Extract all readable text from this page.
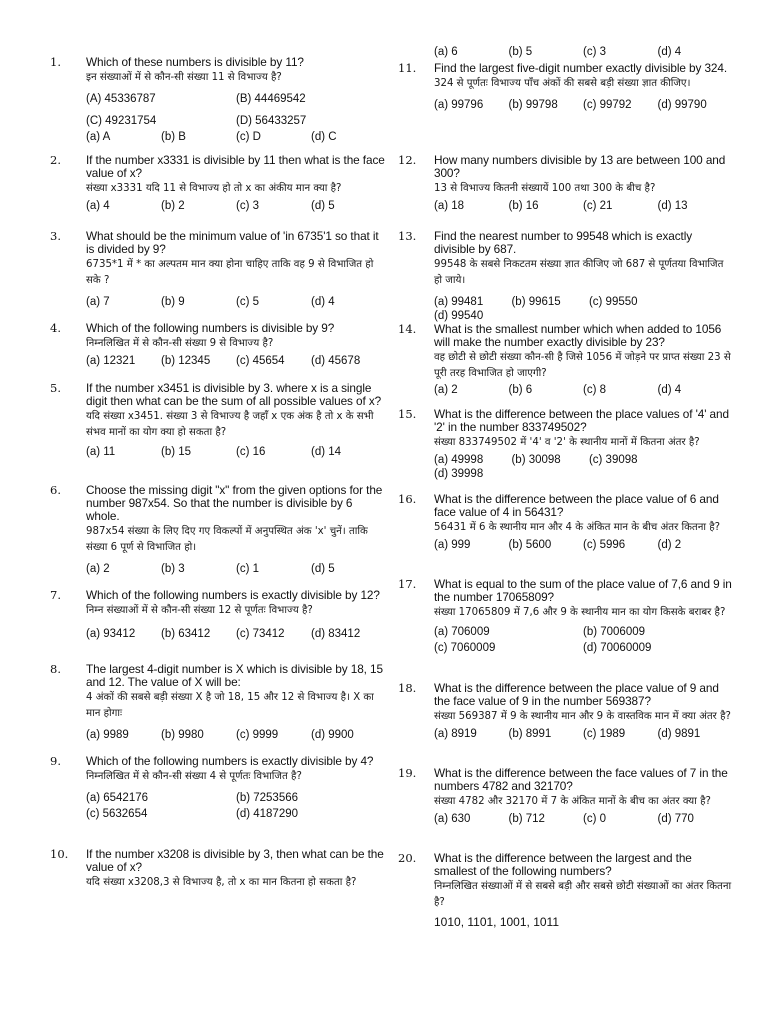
1.	Which of these numbers is divisible by 11?
इन संख्याओं में से कौन-सी संख्या 11 से विभाज्य है?
(A) 45336787	(B) 44469542
(C) 49231754	(D) 56433257
(a) A	(b) B	(c) D	(d) C
2.	If the number x3331 is divisible by 11 then what is the face value of x?
संख्या x3331 यदि 11 से विभाज्य हो तो x का अंकीय मान क्या है?
(a) 4	(b) 2	(c) 3	(d) 5
3.	What should be the minimum value of 'in 6735'1 so that it is divided by 9?
6735*1 में * का अल्पतम मान क्या होना चाहिए ताकि वह 9 से विभाजित हो सके ?
(a) 7	(b) 9	(c) 5	(d) 4
4.	Which of the following numbers is divisible by 9?
निम्नलिखित में से कौन-सी संख्या 9 से विभाज्य है?
(a) 12321	(b) 12345	(c) 45654	(d) 45678
5.	If the number x3451 is divisible by 3. where x is a single digit then what can be the sum of all possible values of x?
यदि संख्या x3451. संख्या 3 से विभाज्य है जहाँ x एक अंक है तो x के सभी संभव मानों का योग क्या हो सकता है?
(a) 11	(b) 15	(c) 16	(d) 14
6.	Choose the missing digit "x" from the given options for the number 987x54. So that the number is divisible by 6 whole.
987x54 संख्या के लिए दिए गए विकल्पों में अनुपस्थित अंक 'x' चुनें। ताकि संख्या 6 पूर्ण से विभाजित हो।
(a) 2	(b) 3	(c) 1	(d) 5
7.	Which of the following numbers is exactly divisible by 12?
निम्न संख्याओं में से कौन-सी संख्या 12 से पूर्णतः विभाज्य है?
(a) 93412	(b) 63412	(c) 73412	(d) 83412
8.	The largest 4-digit number is X which is divisible by 18, 15 and 12. The value of X will be:
4 अंकों की सबसे बड़ी संख्या X है जो 18, 15 और 12 से विभाज्य है। X का मान होगाः
(a) 9989	(b) 9980	(c) 9999	(d) 9900
9.	Which of the following numbers is exactly divisible by 4?
निम्नलिखित में से कौन-सी संख्या 4 से पूर्णतः विभाजित है?
(a) 6542176	(b) 7253566
(c) 5632654	(d) 4187290
10.	If the number x3208 is divisible by 3, then what can be the value of x?
यदि संख्या x3208,3 से विभाज्य है, तो x का मान कितना हो सकता है?
(a) 6	(b) 5	(c) 3	(d) 4
11.	Find the largest five-digit number exactly divisible by 324.
324 से पूर्णतः विभाज्य पाँच अंकों की सबसे बड़ी संख्या ज्ञात कीजिए।
(a) 99796	(b) 99798	(c) 99792	(d) 99790
12.	How many numbers divisible by 13 are between 100 and 300?
13 से विभाज्य कितनी संख्यायें 100 तथा 300 के बीच है?
(a) 18	(b) 16	(c) 21	(d) 13
13.	Find the nearest number to 99548 which is exactly divisible by 687.
99548 के सबसे निकटतम संख्या ज्ञात कीजिए जो 687 से पूर्णतया विभाजित हो जाये।
(a) 99481	(b) 99615	(c) 99550
(d) 99540
14.	What is the smallest number which when added to 1056 will make the number exactly divisible by 23?
वह छोटी से छोटी संख्या कौन-सी है जिसे 1056 में जोड़ने पर प्राप्त संख्या 23 से पूरी तरह विभाजित हो जाएगी?
(a) 2	(b) 6	(c) 8	(d) 4
15.	What is the difference between the place values of '4' and '2' in the number 833749502?
संख्या 833749502 में '4' व '2' के स्थानीय मानों में कितना अंतर है?
(a) 49998	(b) 30098	(c) 39098
(d) 39998
16.	What is the difference between the place value of 6 and face value of 4 in 56431?
56431 में 6 के स्थानीय मान और 4 के अंकित मान के बीच अंतर कितना है?
(a) 999	(b) 5600	(c) 5996	(d) 2
17.	What is equal to the sum of the place value of 7,6 and 9 in the number 17065809?
संख्या 17065809 में 7,6 और 9 के स्थानीय मान का योग किसके बराबर है?
(a) 706009	(b) 7006009
(c) 7060009	(d) 70060009
18.	What is the difference between the place value of 9 and the face value of 9 in the number 569387?
संख्या 569387 में 9 के स्थानीय मान और 9 के वास्तविक मान में क्या अंतर है?
(a) 8919	(b) 8991	(c) 1989	(d) 9891
19.	What is the difference between the face values of 7 in the numbers 4782 and 32170?
संख्या 4782 और 32170 में 7 के अंकित मानों के बीच का अंतर क्या है?
(a) 630	(b) 712	(c) 0	(d) 770
20.	What is the difference between the largest and the smallest of the following numbers?
निम्नलिखित संख्याओं में से सबसे बड़ी और सबसे छोटी संख्याओं का अंतर कितना है?
1010, 1101, 1001, 1011
